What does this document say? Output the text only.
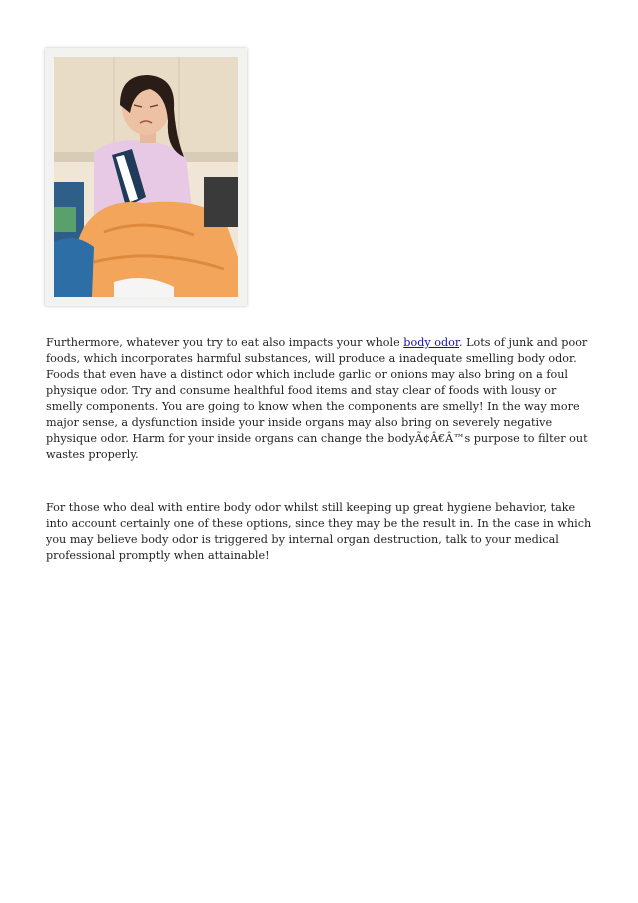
Furthermore, whatever you try to eat also impacts your whole body odor. Lots of junk and poor foods, which incorporates harmful substances, will produce a inadequate smelling body odor. Foods that even have a distinct odor which include garlic or onions may also bring on a foul physique odor. Try and consume healthful food items and stay clear of foods with lousy or smelly components. You are going to know when the components are smelly! In the way more major sense, a dysfunction inside your inside organs may also bring on severely negative physique odor. Harm for your inside organs can change the bodyÃ¢Â€Â™s purpose to filter out wastes properly.

For those who deal with entire body odor whilst still keeping up great hygiene behavior, take into account certainly one of these options, since they may be the result in. In the case in which you may believe body odor is triggered by internal organ destruction, talk to your medical professional promptly when attainable!
